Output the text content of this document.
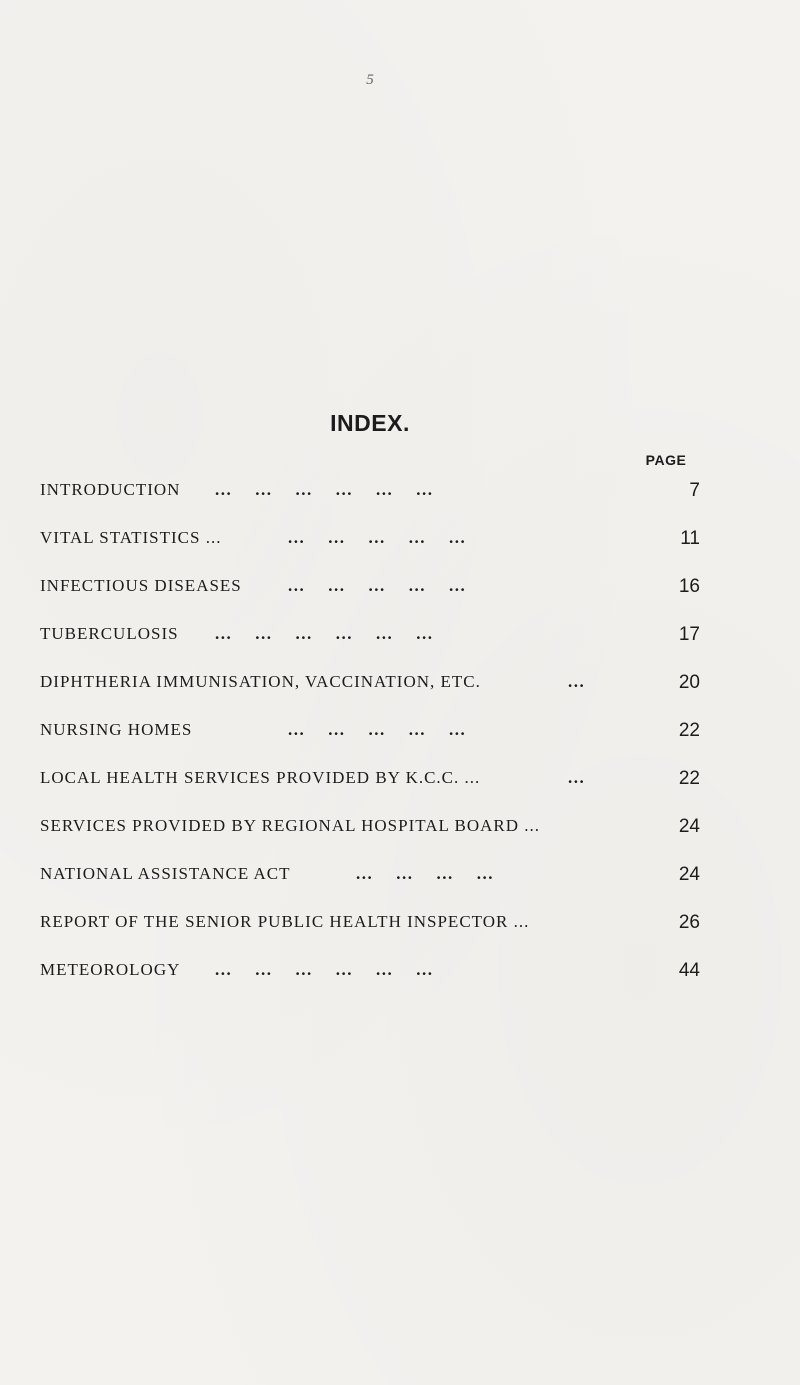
5
INDEX.
PAGE
INTRODUCTION ...    ...    ...    ...    ...    ...	7
VITAL STATISTICS ...	...    ...    ...    ...    ...	11
INFECTIOUS DISEASES	...    ...    ...    ...    ...	16
TUBERCULOSIS ...    ...    ...    ...    ...    ...	17
DIPHTHERIA IMMUNISATION, VACCINATION, ETC.	...	20
NURSING HOMES	...    ...    ...    ...    ...	22
LOCAL HEALTH SERVICES PROVIDED BY K.C.C. ...	...	22
SERVICES PROVIDED BY REGIONAL HOSPITAL BOARD ...	24
NATIONAL ASSISTANCE ACT	...    ...    ...    ...	24
REPORT OF THE SENIOR PUBLIC HEALTH INSPECTOR ...	26
METEOROLOGY ...    ...    ...    ...    ...    ...	44
